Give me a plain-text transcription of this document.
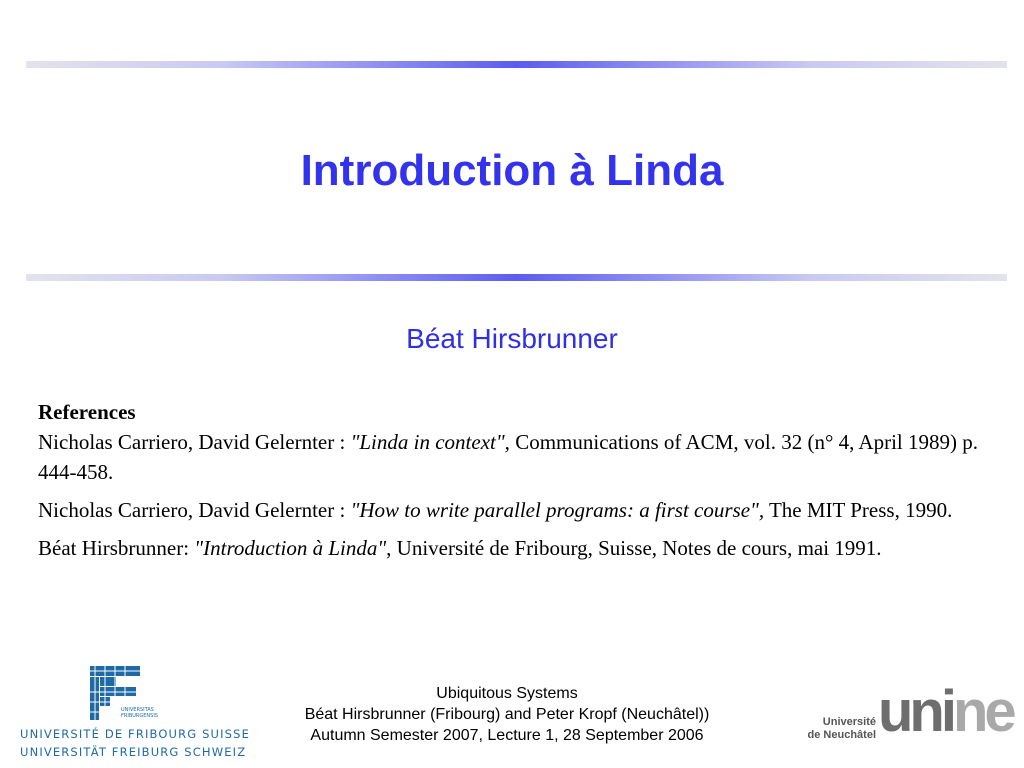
Introduction à Linda
Béat Hirsbrunner
References

Nicholas Carriero, David Gelernter : "Linda in context", Communications of ACM, vol. 32 (n° 4, April 1989) p. 444-458.

Nicholas Carriero, David Gelernter : "How to write parallel programs: a first course", The MIT Press, 1990.

Béat Hirsbrunner: "Introduction à Linda", Université de Fribourg, Suisse, Notes de cours, mai 1991.

UNIVERSITAS
FRIBURGENSIS
UNIVERSITÉ DE FRIBOURG SUISSE
UNIVERSITÄT FREIBURG SCHWEIZ
Ubiquitous Systems
Béat Hirsbrunner (Fribourg) and Peter Kropf (Neuchâtel))
Autumn Semester 2007, Lecture 1, 28 September 2006
Université
de Neuchâtel unine
